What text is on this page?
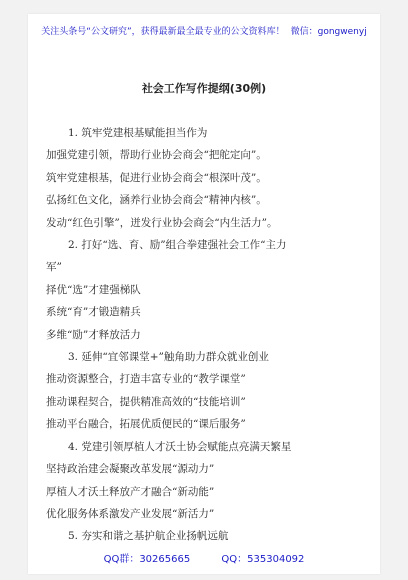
关注头条号“公文研究”，获得最新最全最专业的公文资料库！ 微信：gongwenyj
社会工作写作提纲(30例)
1. 筑牢党建根基赋能担当作为
加强党建引领，帮助行业协会商会“把舵定向”。
筑牢党建根基，促进行业协会商会“根深叶茂”。
弘扬红色文化，涵养行业协会商会“精神内核”。
发动“红色引擎”，迸发行业协会商会“内生活力”。
2. 打好“选、育、励”组合拳建强社会工作“主力
军”
择优“选”才建强梯队
系统“育”才锻造精兵
多维“励”才释放活力
3. 延伸“宜邻课堂+”触角助力群众就业创业
推动资源整合，打造丰富专业的“教学课堂”
推动课程契合，提供精准高效的“技能培训”
推动平台融合，拓展优质便民的“课后服务”
4. 党建引领厚植人才沃土协会赋能点亮满天繁星
坚持政治建会凝聚改革发展“源动力”
厚植人才沃土释放产才融合“新动能”
优化服务体系激发产业发展“新活力”
5. 夯实和谐之基护航企业扬帆远航
QQ群：30265665	QQ：535304092
